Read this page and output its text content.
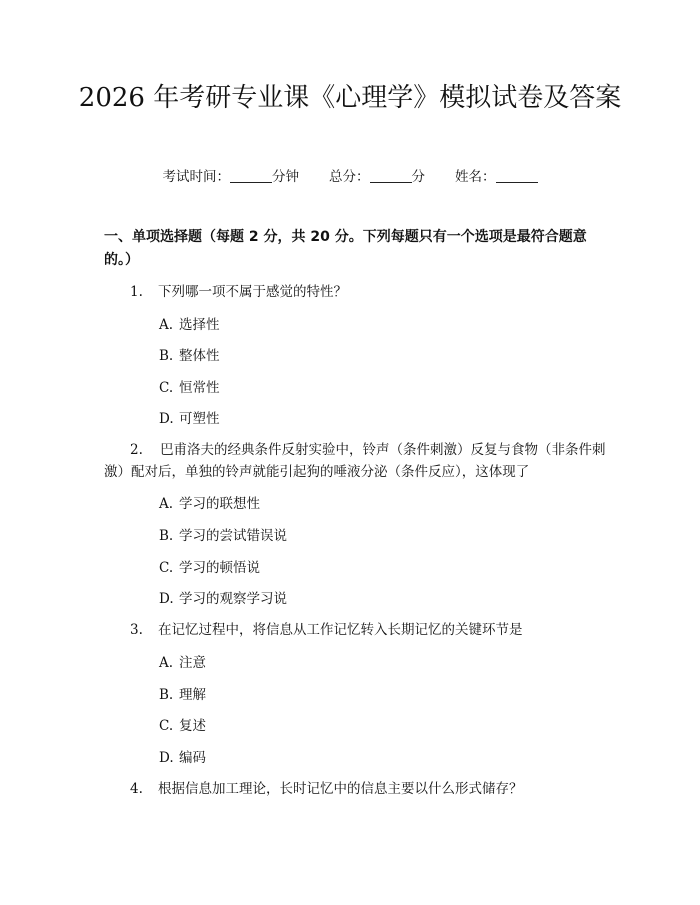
2026 年考研专业课《心理学》模拟试卷及答案
考试时间：	分钟 总分：	分 姓名：
一、单项选择题（每题 2 分，共 20 分。下列每题只有一个选项是最符合题意的。）
1. 下列哪一项不属于感觉的特性？
A. 选择性
B. 整体性
C. 恒常性
D. 可塑性
2. 巴甫洛夫的经典条件反射实验中，铃声（条件刺激）反复与食物（非条件刺激）配对后，单独的铃声就能引起狗的唾液分泌（条件反应），这体现了
A. 学习的联想性
B. 学习的尝试错误说
C. 学习的顿悟说
D. 学习的观察学习说
3. 在记忆过程中，将信息从工作记忆转入长期记忆的关键环节是
A. 注意
B. 理解
C. 复述
D. 编码
4. 根据信息加工理论，长时记忆中的信息主要以什么形式储存？
